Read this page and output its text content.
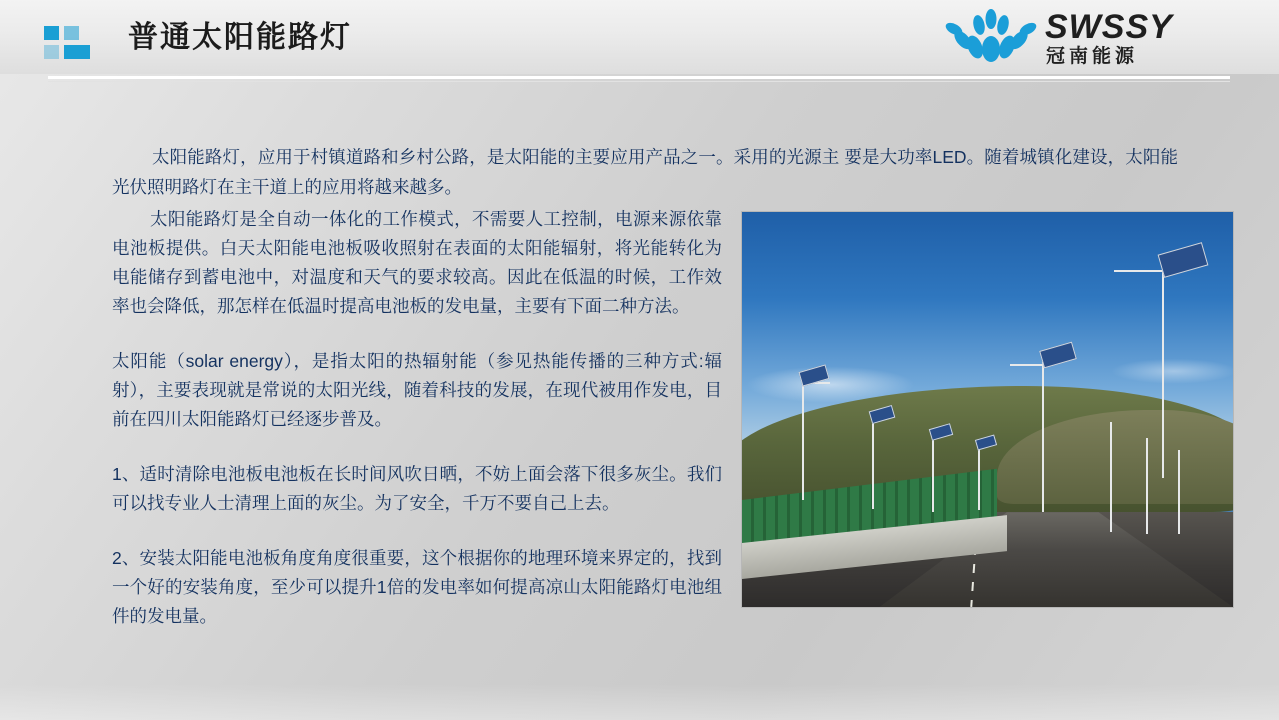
普通太阳能路灯	SWSSY
冠南能源
太阳能路灯，应用于村镇道路和乡村公路，是太阳能的主要应用产品之一。采用的光源主 要是大功率LED。随着城镇化建设，太阳能光伏照明路灯在主干道上的应用将越来越多。

太阳能路灯是全自动一体化的工作模式，不需要人工控制，电源来源依靠电池板提供。白天太阳能电池板吸收照射在表面的太阳能辐射，将光能转化为电能储存到蓄电池中，对温度和天气的要求较高。因此在低温的时候，工作效率也会降低，那怎样在低温时提高电池板的发电量，主要有下面二种方法。

太阳能（solar energy），是指太阳的热辐射能（参见热能传播的三种方式:辐射），主要表现就是常说的太阳光线，随着科技的发展，在现代被用作发电，目前在四川太阳能路灯已经逐步普及。

1、适时清除电池板电池板在长时间风吹日晒，不妨上面会落下很多灰尘。我们可以找专业人士清理上面的灰尘。为了安全，千万不要自己上去。

2、安装太阳能电池板角度角度很重要，这个根据你的地理环境来界定的，找到一个好的安装角度，至少可以提升1倍的发电率如何提高凉山太阳能路灯电池组件的发电量。
